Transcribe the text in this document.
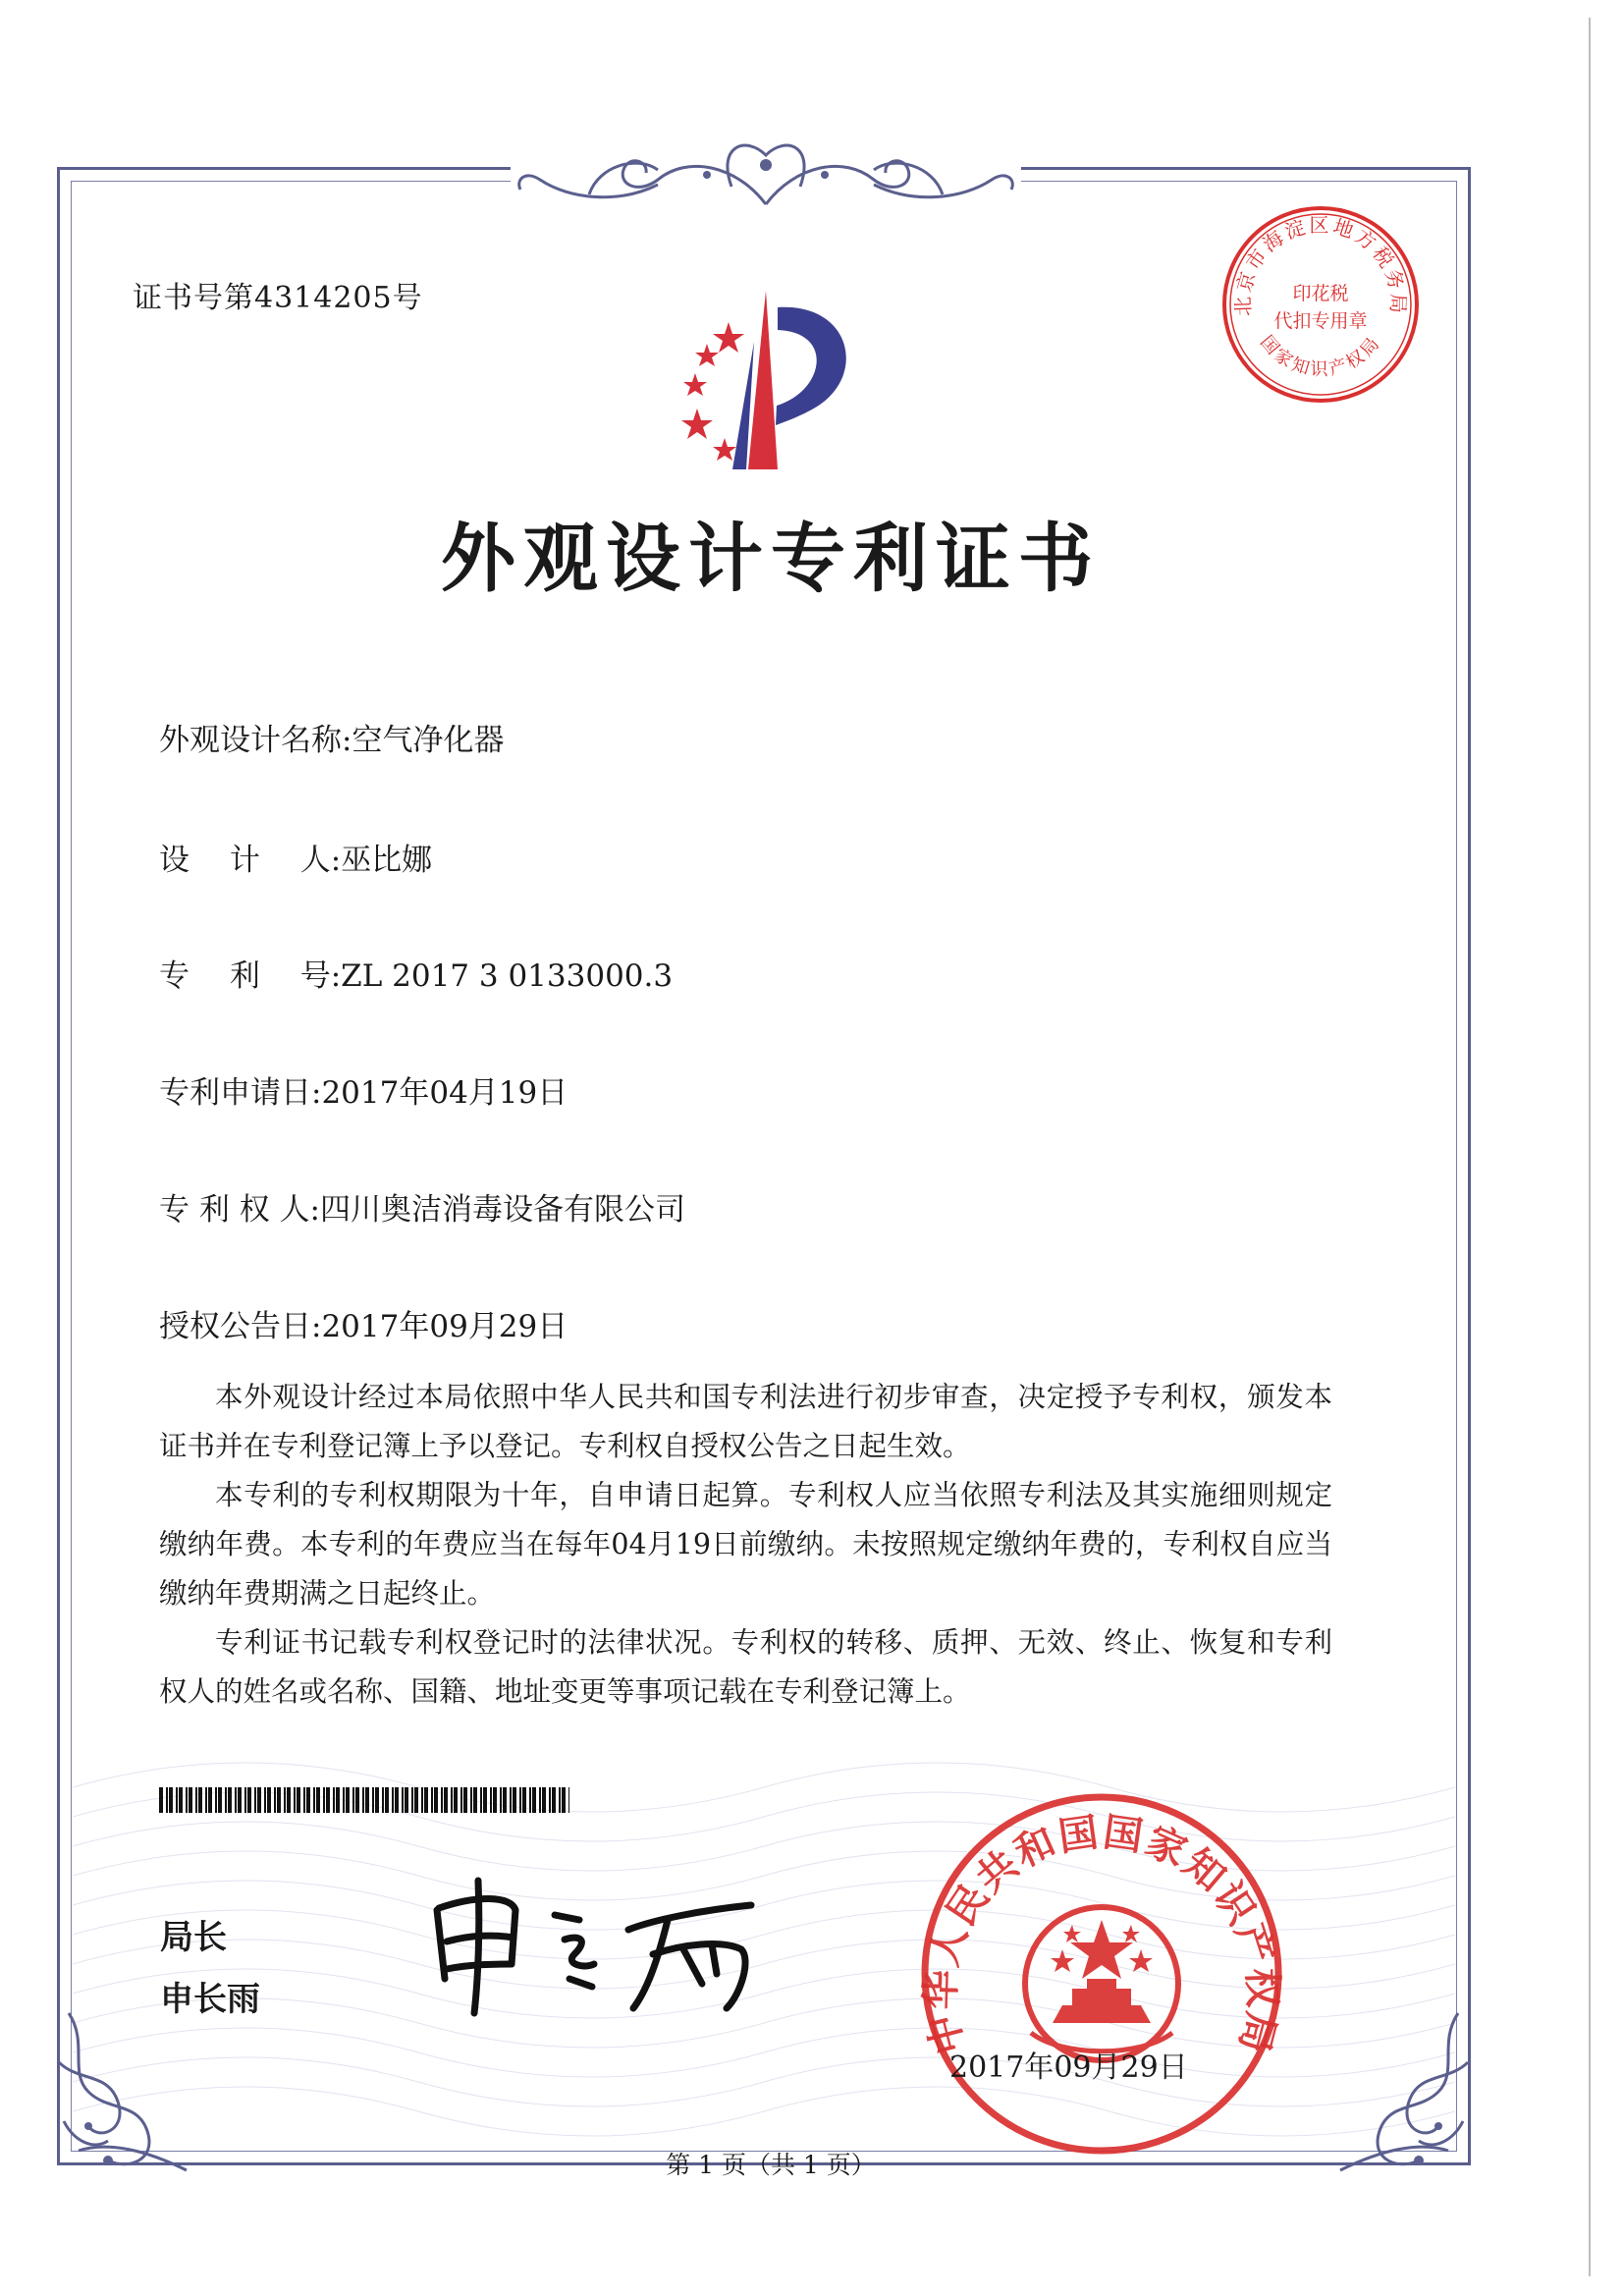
证书号第4314205号	北京市海淀区地方税务局
印花税
代扣专用章
国家知识产权局
外观设计专利证书
外观设计名称:空气净化器
设　 计　 人:巫比娜
专　 利　 号:ZL 2017 3 0133000.3
专利申请日:2017年04月19日
专 利 权 人:四川奥洁消毒设备有限公司
授权公告日:2017年09月29日

本外观设计经过本局依照中华人民共和国专利法进行初步审查，决定授予专利权，颁发本证书并在专利登记簿上予以登记。专利权自授权公告之日起生效。

本专利的专利权期限为十年，自申请日起算。专利权人应当依照专利法及其实施细则规定缴纳年费。本专利的年费应当在每年04月19日前缴纳。未按照规定缴纳年费的，专利权自应当缴纳年费期满之日起终止。

专利证书记载专利权登记时的法律状况。专利权的转移、质押、无效、终止、恢复和专利权人的姓名或名称、国籍、地址变更等事项记载在专利登记簿上。

局长
申长雨
中华人民共和国国家知识产权局
2017年09月29日
第 1 页（共 1 页）
